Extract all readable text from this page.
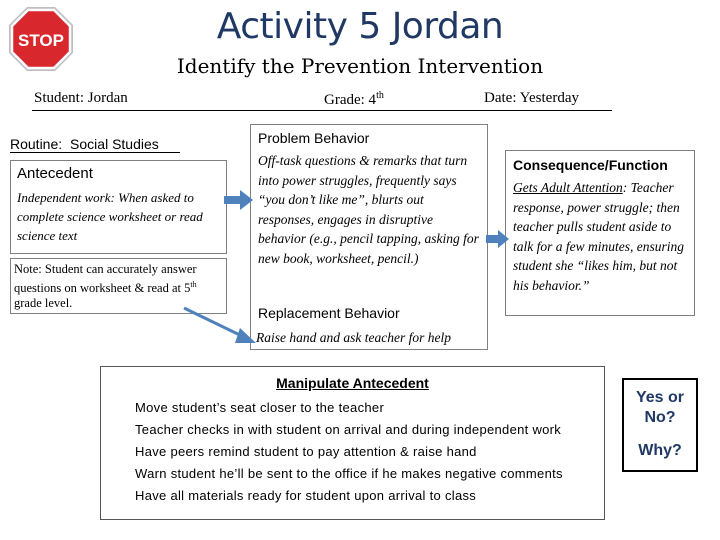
STOP	Activity 5 Jordan
Identify the Prevention Intervention
Student: Jordan	Grade: 4th	Date: Yesterday
Routine: Social Studies
Antecedent
Independent work: When asked to complete science worksheet or read science text
Note: Student can accurately answer questions on worksheet & read at 5th grade level.
Problem Behavior
Off-task questions & remarks that turn into power struggles, frequently says “you don’t like me”, blurts out responses, engages in disruptive behavior (e.g., pencil tapping, asking for new book, worksheet, pencil.)
Replacement Behavior
Raise hand and ask teacher for help
Consequence/Function
Gets Adult Attention: Teacher response, power struggle; then teacher pulls student aside to talk for a few minutes, ensuring student she “likes him, but not his behavior.”
Manipulate Antecedent
Move student’s seat closer to the teacher
Teacher checks in with student on arrival and during independent work
Have peers remind student to pay attention & raise hand
Warn student he’ll be sent to the office if he makes negative comments
Have all materials ready for student upon arrival to class
Yes or No?
Why?
